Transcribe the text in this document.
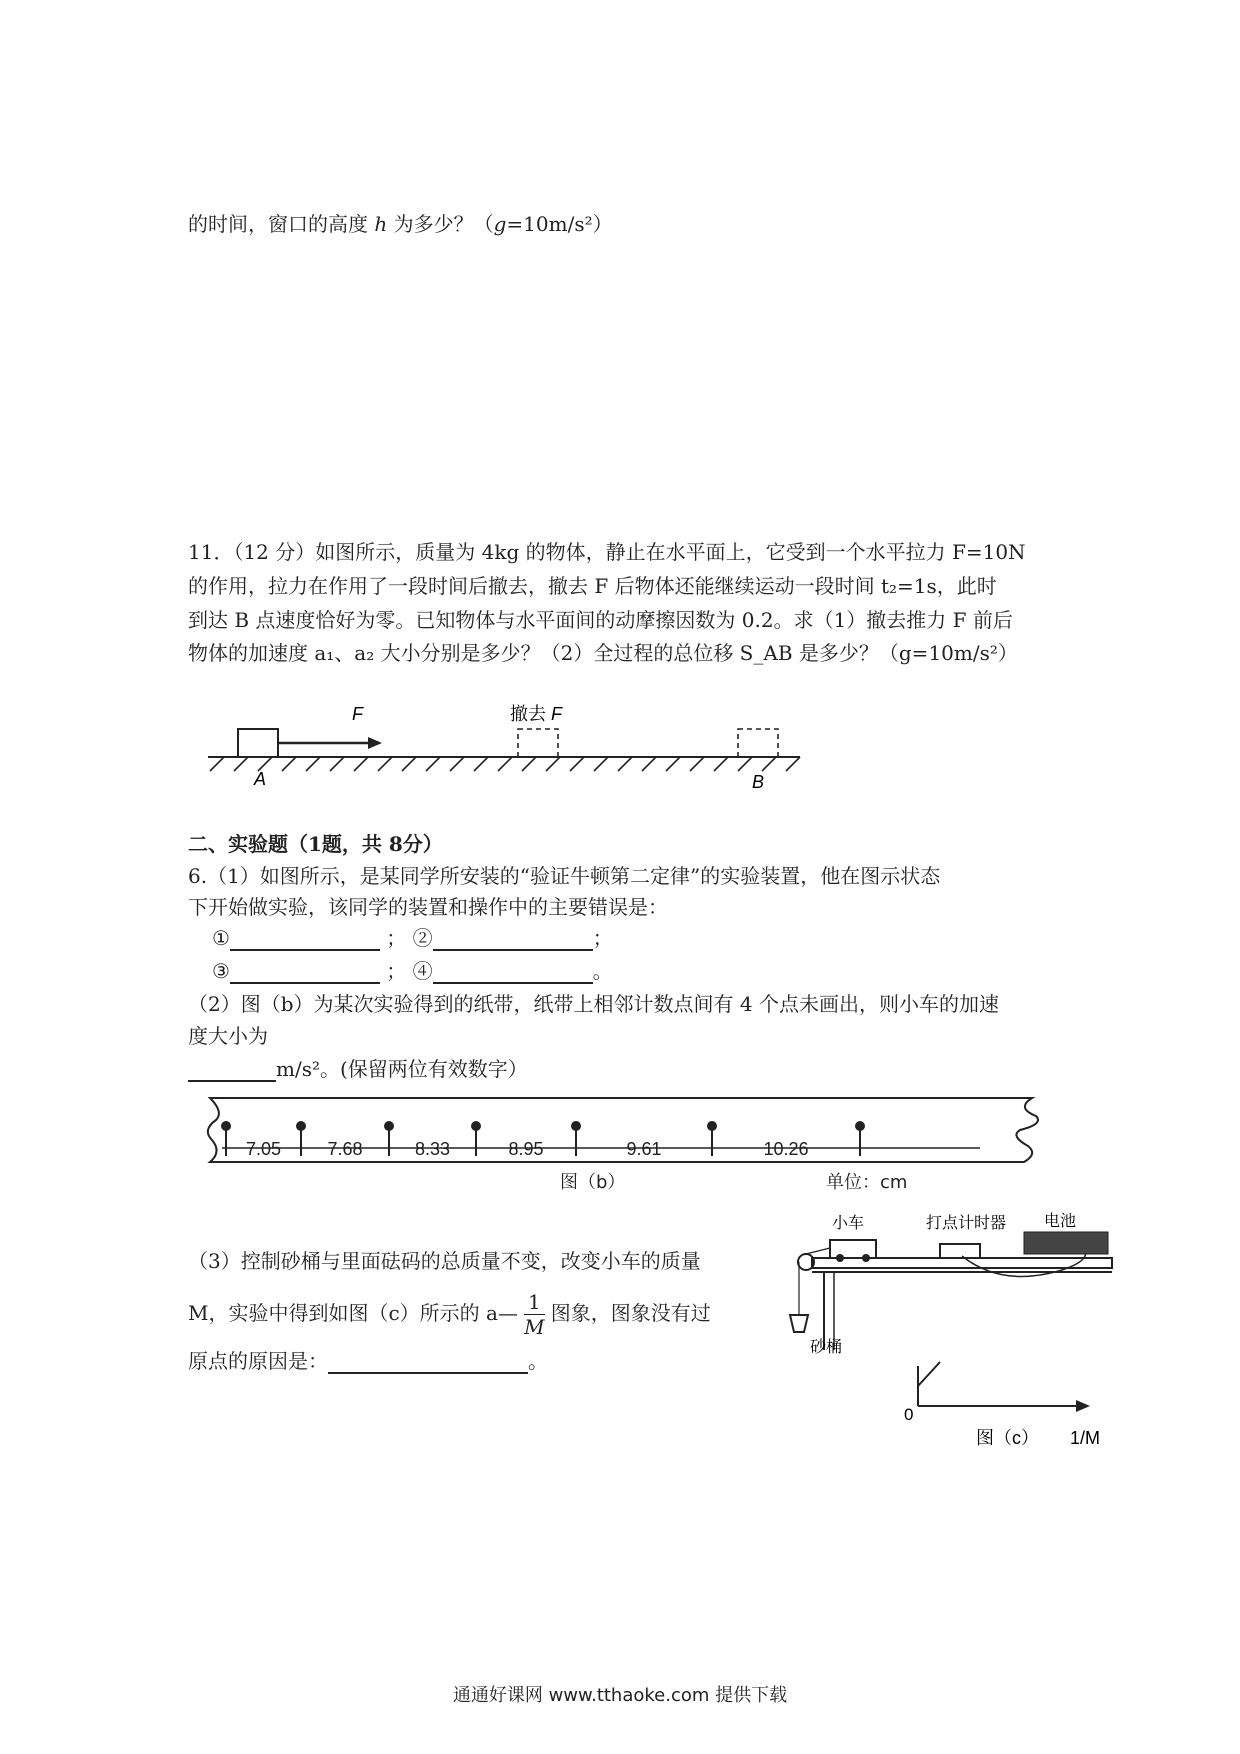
的时间，窗口的高度 h 为多少？（g=10m/s²）
11．（12 分）如图所示，质量为 4kg 的物体，静止在水平面上，它受到一个水平拉力 F=10N
的作用，拉力在作用了一段时间后撤去，撤去 F 后物体还能继续运动一段时间 t₂=1s，此时
到达 B 点速度恰好为零。已知物体与水平面间的动摩擦因数为 0.2。求（1）撤去推力 F 前后
物体的加速度 a₁、a₂ 大小分别是多少？（2）全过程的总位移 S_AB 是多少？（g=10m/s²）
F	撤去 F
A	B
二、实验题（1题，共 8分）
6.（1）如图所示，是某同学所安装的“验证牛顿第二定律”的实验装置，他在图示状态
下开始做实验，该同学的装置和操作中的主要错误是：
①	； ②	；
③	； ④	。
（2）图（b）为某次实验得到的纸带，纸带上相邻计数点间有 4 个点未画出，则小车的加速
度大小为
m/s²。(保留两位有效数字）
7.05	7.68	8.33	8.95	9.61	10.26
图（b）	单位：cm
（3）控制砂桶与里面砝码的总质量不变，改变小车的质量
M，实验中得到如图（c）所示的 a— $\frac{1}{M}$ 图象，图象没有过
原点的原因是：	。
小车	打点计时器 电池
砂桶
0
图（c） 1/M
通通好课网 www.tthaoke.com 提供下载
